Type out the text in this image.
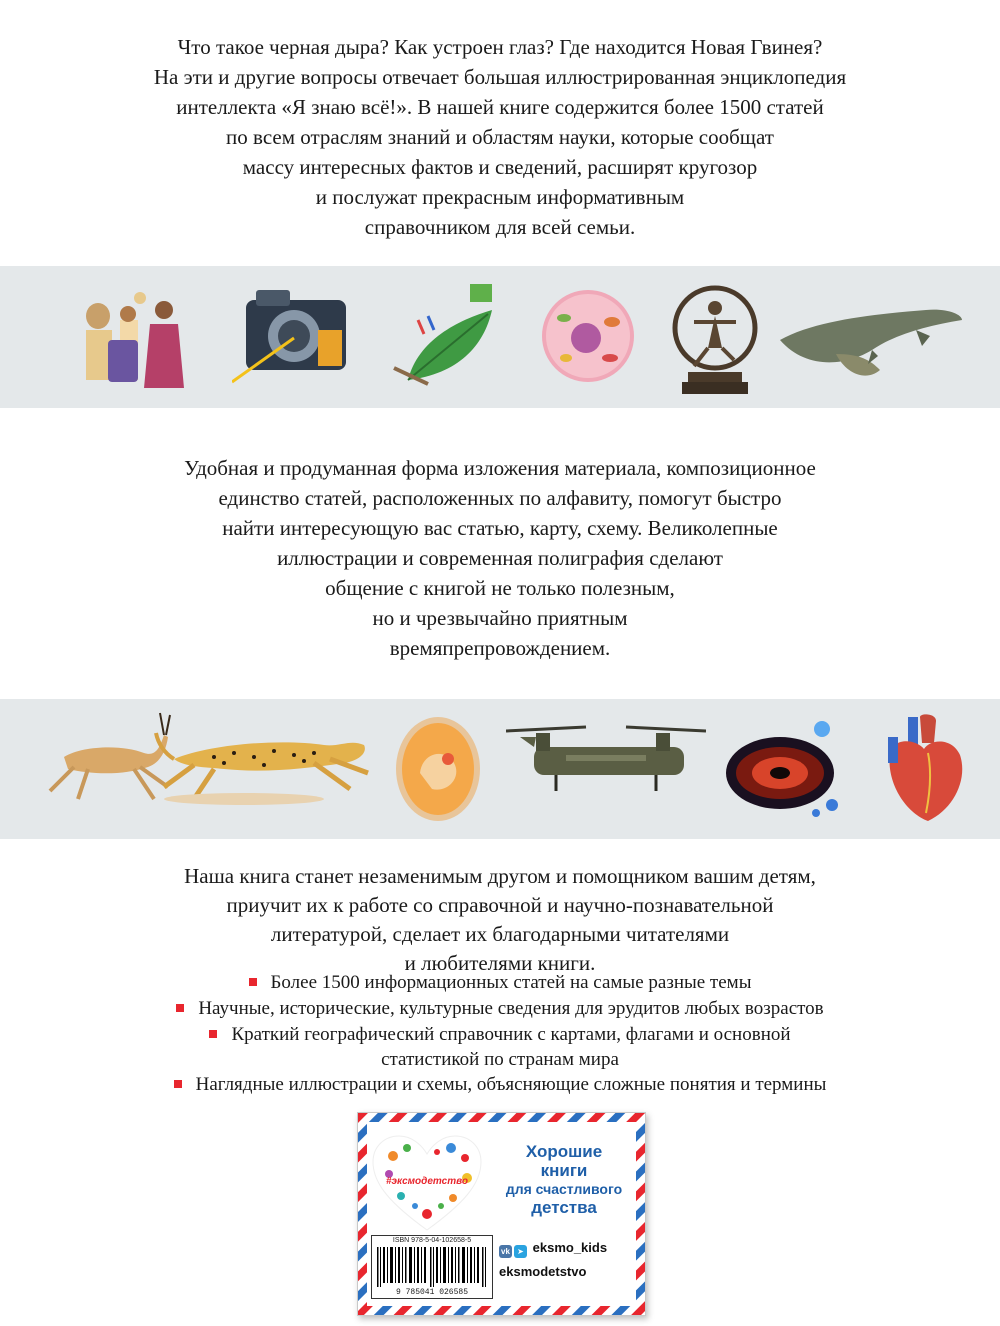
Что такое черная дыра? Как устроен глаз? Где находится Новая Гвинея?
На эти и другие вопросы отвечает большая иллюстрированная энциклопедия
интеллекта «Я знаю всё!». В нашей книге содержится более 1500 статей
по всем отраслям знаний и областям науки, которые сообщат
массу интересных фактов и сведений, расширят кругозор
и послужат прекрасным информативным
справочником для всей семьи.
Удобная и продуманная форма изложения материала, композиционное
единство статей, расположенных по алфавиту, помогут быстро
найти интересующую вас статью, карту, схему. Великолепные
иллюстрации и современная полиграфия сделают
общение с книгой не только полезным,
но и чрезвычайно приятным
времяпрепровождением.
Наша книга станет незаменимым другом и помощником вашим детям,
приучит их к работе со справочной и научно-познавательной
литературой, сделает их благодарными читателями
и любителями книги.
Более 1500 информационных статей на самые разные темы
Научные, исторические, культурные сведения для эрудитов любых возрастов
Краткий географический справочник с картами, флагами и основной
статистикой по странам мира
Наглядные иллюстрации и схемы, объясняющие сложные понятия и термины
#эксмодетство
Хорошие
книги
для счастливого
детства
ISBN 978-5-04-102658-5
9 785041 026585
vk ➤ eksmo_kids
eksmodetstvo
